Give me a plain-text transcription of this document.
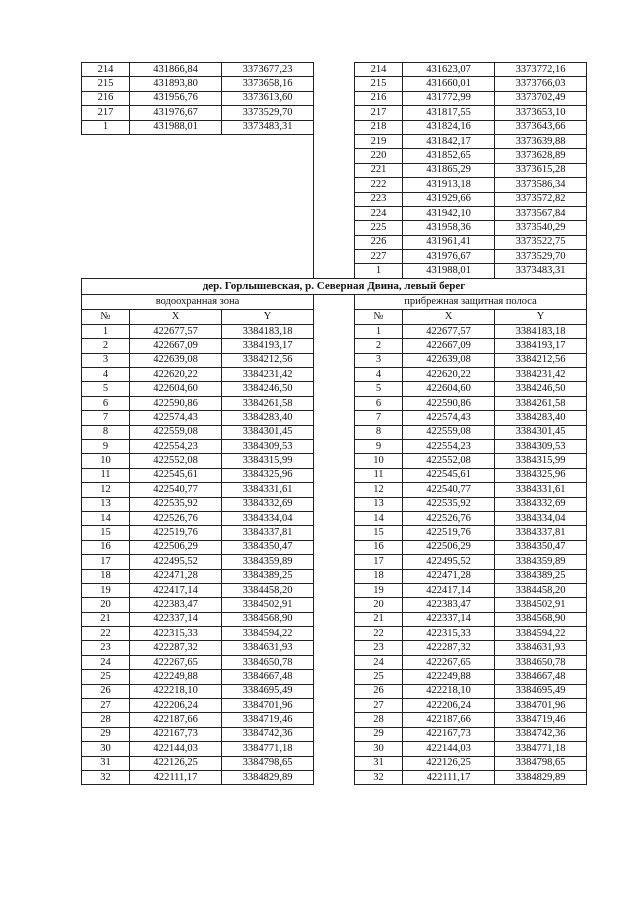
214	431866,84	3373677,23		214	431623,07	3373772,16
215	431893,80	3373658,16		215	431660,01	3373766,03
216	431956,76	3373613,60		216	431772,99	3373702,49
217	431976,67	3373529,70		217	431817,55	3373653,10
1	431988,01	3373483,31		218	431824,16	3373643,66
				219	431842,17	3373639,88
				220	431852,65	3373628,89
				221	431865,29	3373615,28
				222	431913,18	3373586,34
				223	431929,66	3373572,82
				224	431942,10	3373567,84
				225	431958,36	3373540,29
				226	431961,41	3373522,75
				227	431976,67	3373529,70
				1	431988,01	3373483,31
дер. Горлышевская, р. Северная Двина, левый берег						
водоохранная зона				прибрежная защитная полоса		
№	X	Y		№	X	Y
1	422677,57	3384183,18		1	422677,57	3384183,18
2	422667,09	3384193,17		2	422667,09	3384193,17
3	422639,08	3384212,56		3	422639,08	3384212,56
4	422620,22	3384231,42		4	422620,22	3384231,42
5	422604,60	3384246,50		5	422604,60	3384246,50
6	422590,86	3384261,58		6	422590,86	3384261,58
7	422574,43	3384283,40		7	422574,43	3384283,40
8	422559,08	3384301,45		8	422559,08	3384301,45
9	422554,23	3384309,53		9	422554,23	3384309,53
10	422552,08	3384315,99		10	422552,08	3384315,99
11	422545,61	3384325,96		11	422545,61	3384325,96
12	422540,77	3384331,61		12	422540,77	3384331,61
13	422535,92	3384332,69		13	422535,92	3384332,69
14	422526,76	3384334,04		14	422526,76	3384334,04
15	422519,76	3384337,81		15	422519,76	3384337,81
16	422506,29	3384350,47		16	422506,29	3384350,47
17	422495,52	3384359,89		17	422495,52	3384359,89
18	422471,28	3384389,25		18	422471,28	3384389,25
19	422417,14	3384458,20		19	422417,14	3384458,20
20	422383,47	3384502,91		20	422383,47	3384502,91
21	422337,14	3384568,90		21	422337,14	3384568,90
22	422315,33	3384594,22		22	422315,33	3384594,22
23	422287,32	3384631,93		23	422287,32	3384631,93
24	422267,65	3384650,78		24	422267,65	3384650,78
25	422249,88	3384667,48		25	422249,88	3384667,48
26	422218,10	3384695,49		26	422218,10	3384695,49
27	422206,24	3384701,96		27	422206,24	3384701,96
28	422187,66	3384719,46		28	422187,66	3384719,46
29	422167,73	3384742,36		29	422167,73	3384742,36
30	422144,03	3384771,18		30	422144,03	3384771,18
31	422126,25	3384798,65		31	422126,25	3384798,65
32	422111,17	3384829,89		32	422111,17	3384829,89
